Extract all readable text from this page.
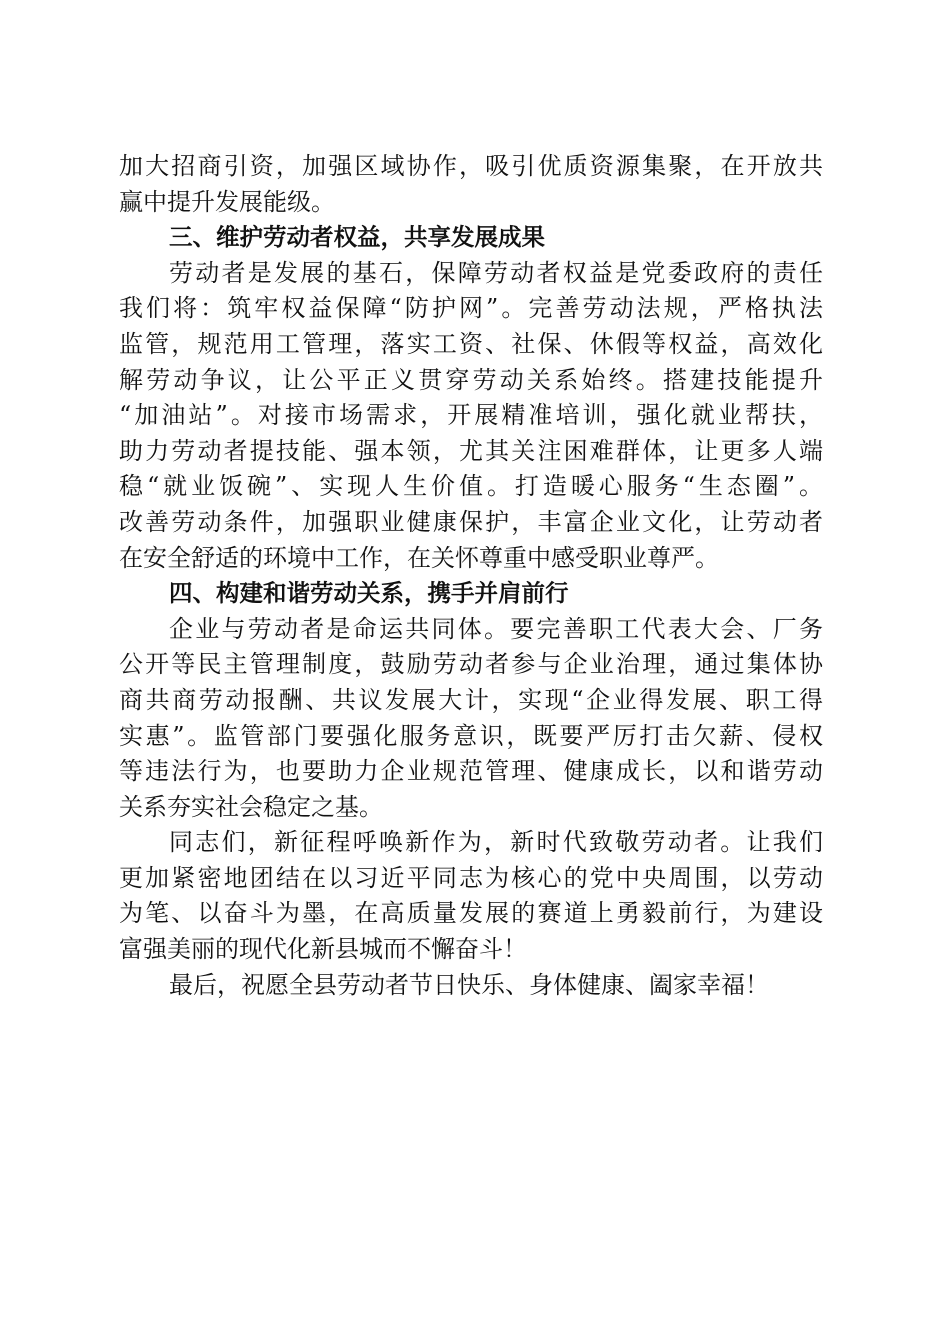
加大招商引资，加强区域协作，吸引优质资源集聚，在开放共
赢中提升发展能级。
三、维护劳动者权益，共享发展成果
劳动者是发展的基石，保障劳动者权益是党委政府的责任
我们将：筑牢权益保障“防护网”。完善劳动法规，严格执法
监管，规范用工管理，落实工资、社保、休假等权益，高效化
解劳动争议，让公平正义贯穿劳动关系始终。搭建技能提升
“加油站”。对接市场需求，开展精准培训，强化就业帮扶，
助力劳动者提技能、强本领，尤其关注困难群体，让更多人端
稳“就业饭碗”、实现人生价值。打造暖心服务“生态圈”。
改善劳动条件，加强职业健康保护，丰富企业文化，让劳动者
在安全舒适的环境中工作，在关怀尊重中感受职业尊严。
四、构建和谐劳动关系，携手并肩前行
企业与劳动者是命运共同体。要完善职工代表大会、厂务
公开等民主管理制度，鼓励劳动者参与企业治理，通过集体协
商共商劳动报酬、共议发展大计，实现“企业得发展、职工得
实惠”。监管部门要强化服务意识，既要严厉打击欠薪、侵权
等违法行为，也要助力企业规范管理、健康成长，以和谐劳动
关系夯实社会稳定之基。
同志们，新征程呼唤新作为，新时代致敬劳动者。让我们
更加紧密地团结在以习近平同志为核心的党中央周围，以劳动
为笔、以奋斗为墨，在高质量发展的赛道上勇毅前行，为建设
富强美丽的现代化新县城而不懈奋斗！
最后，祝愿全县劳动者节日快乐、身体健康、阖家幸福！
